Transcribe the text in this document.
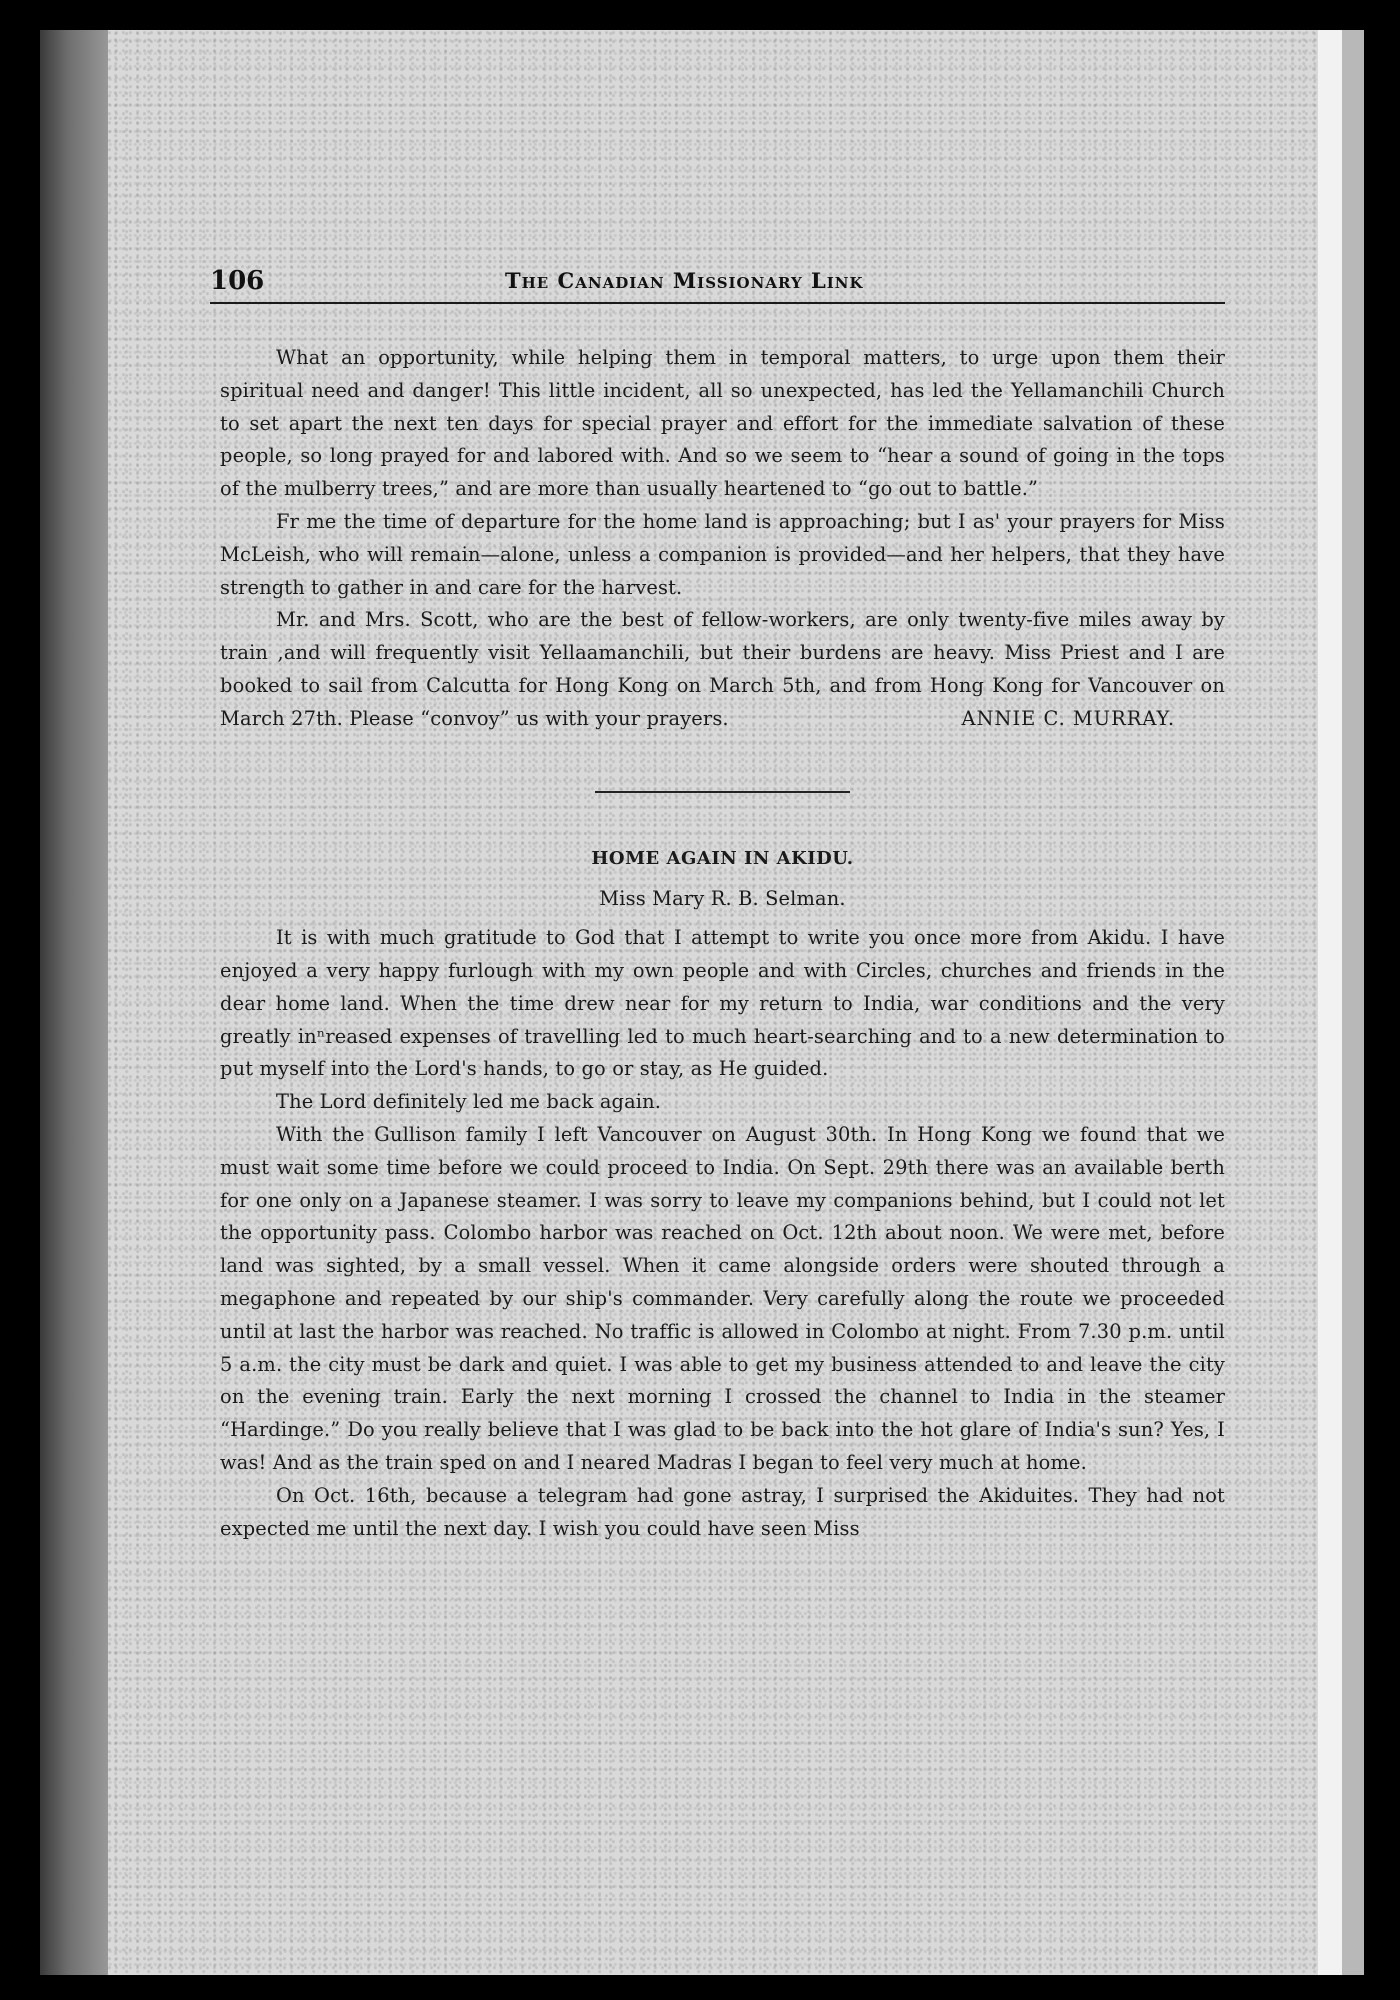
106	The Canadian Missionary Link

What an opportunity, while helping them in temporal matters, to urge upon them their spiritual need and danger! This little incident, all so unexpected, has led the Yellamanchili Church to set apart the next ten days for special prayer and effort for the immediate salvation of these people, so long prayed for and labored with. And so we seem to “hear a sound of going in the tops of the mulberry trees,” and are more than usually heartened to “go out to battle.”

Fr me the time of departure for the home land is approaching; but I as' your prayers for Miss McLeish, who will remain—alone, unless a companion is provided—and her helpers, that they have strength to gather in and care for the harvest.

Mr. and Mrs. Scott, who are the best of fellow-workers, are only twenty-five miles away by train ,and will frequently visit Yellaamanchili, but their burdens are heavy. Miss Priest and I are booked to sail from Calcutta for Hong Kong on March 5th, and from Hong Kong for Vancouver on March 27th. Please “convoy” us with your prayers.	ANNIE C. MURRAY.

HOME AGAIN IN AKIDU.
Miss Mary R. B. Selman.

It is with much gratitude to God that I attempt to write you once more from Akidu. I have enjoyed a very happy furlough with my own people and with Circles, churches and friends in the dear home land. When the time drew near for my return to India, war conditions and the very greatly inⁿreased expenses of travelling led to much heart-searching and to a new determination to put myself into the Lord's hands, to go or stay, as He guided.

The Lord definitely led me back again.

With the Gullison family I left Vancouver on August 30th. In Hong Kong we found that we must wait some time before we could proceed to India. On Sept. 29th there was an available berth for one only on a Japanese steamer. I was sorry to leave my companions behind, but I could not let the opportunity pass. Colombo harbor was reached on Oct. 12th about noon. We were met, before land was sighted, by a small vessel. When it came alongside orders were shouted through a megaphone and repeated by our ship's commander. Very carefully along the route we proceeded until at last the harbor was reached. No traffic is allowed in Colombo at night. From 7.30 p.m. until 5 a.m. the city must be dark and quiet. I was able to get my business attended to and leave the city on the evening train. Early the next morning I crossed the channel to India in the steamer “Hardinge.” Do you really believe that I was glad to be back into the hot glare of India's sun? Yes, I was! And as the train sped on and I neared Madras I began to feel very much at home.

On Oct. 16th, because a telegram had gone astray, I surprised the Akiduites. They had not expected me until the next day. I wish you could have seen Miss
